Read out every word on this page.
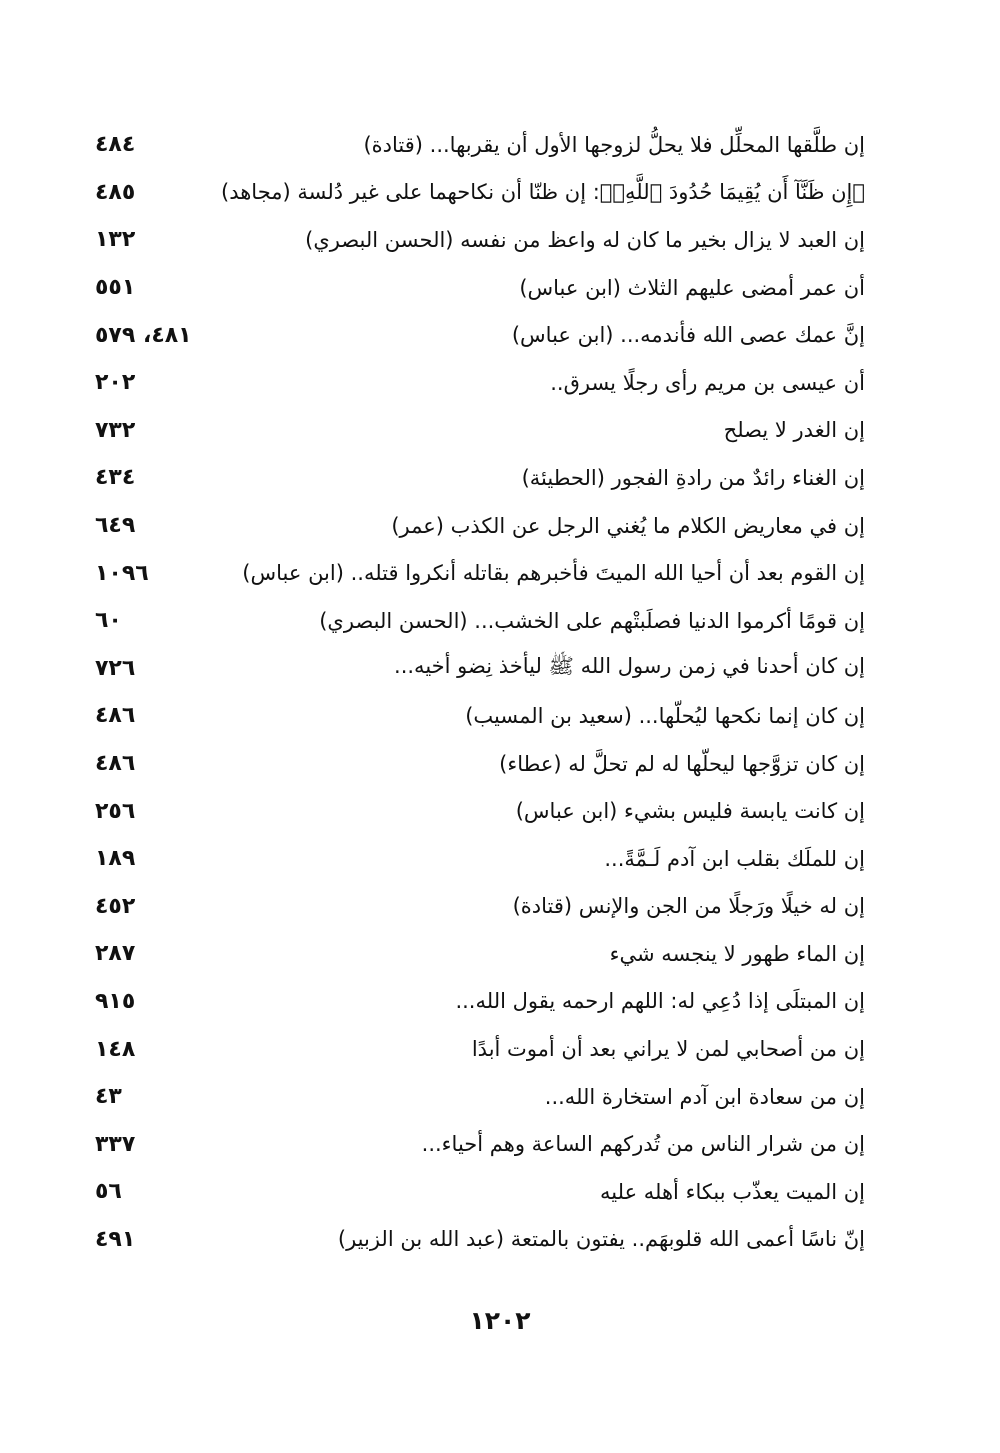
٤٨٤	إن طلَّقها المحلِّل فلا يحلُّ لزوجها الأول أن يقربها... (قتادة)
٤٨٥	﴿إِن ظَنَّآ أَن يُقِيمَا حُدُودَ ٱللَّهِۗ﴾: إن ظنّا أن نكاحهما على غير دُلسة (مجاهد)
١٣٢	إن العبد لا يزال بخير ما كان له واعظ من نفسه (الحسن البصري)
٥٥١	أن عمر أمضى عليهم الثلاث (ابن عباس)
٤٨١، ٥٧٩	إنَّ عمك عصى الله فأندمه... (ابن عباس)
٢٠٢	أن عيسى بن مريم رأى رجلًا يسرق..
٧٣٢	إن الغدر لا يصلح
٤٣٤	إن الغناء رائدٌ من رادةِ الفجور (الحطيئة)
٦٤٩	إن في معاريض الكلام ما يُغني الرجل عن الكذب (عمر)
١٠٩٦	إن القوم بعد أن أحيا الله الميتَ فأخبرهم بقاتله أنكروا قتله.. (ابن عباس)
٦٠	إن قومًا أكرموا الدنيا فصلَبتْهم على الخشب... (الحسن البصري)
٧٢٦	إن كان أحدنا في زمن رسول الله ﷺ ليأخذ نِضو أخيه...
٤٨٦	إن كان إنما نكحها ليُحلّها... (سعيد بن المسيب)
٤٨٦	إن كان تزوَّجها ليحلّها له لم تحلَّ له (عطاء)
٢٥٦	إن كانت يابسة فليس بشيء (ابن عباس)
١٨٩	إن للملَك بقلب ابن آدم لَـمَّةً...
٤٥٢	إن له خيلًا ورَجلًا من الجن والإنس (قتادة)
٢٨٧	إن الماء طهور لا ينجسه شيء
٩١٥	إن المبتلَى إذا دُعِي له: اللهم ارحمه يقول الله...
١٤٨	إن من أصحابي لمن لا يراني بعد أن أموت أبدًا
٤٣	إن من سعادة ابن آدم استخارة الله...
٣٣٧	إن من شرار الناس من تُدركهم الساعة وهم أحياء...
٥٦	إن الميت يعذّب ببكاء أهله عليه
٤٩١	إنّ ناسًا أعمى الله قلوبهَم.. يفتون بالمتعة (عبد الله بن الزبير)
١٢٠٢
